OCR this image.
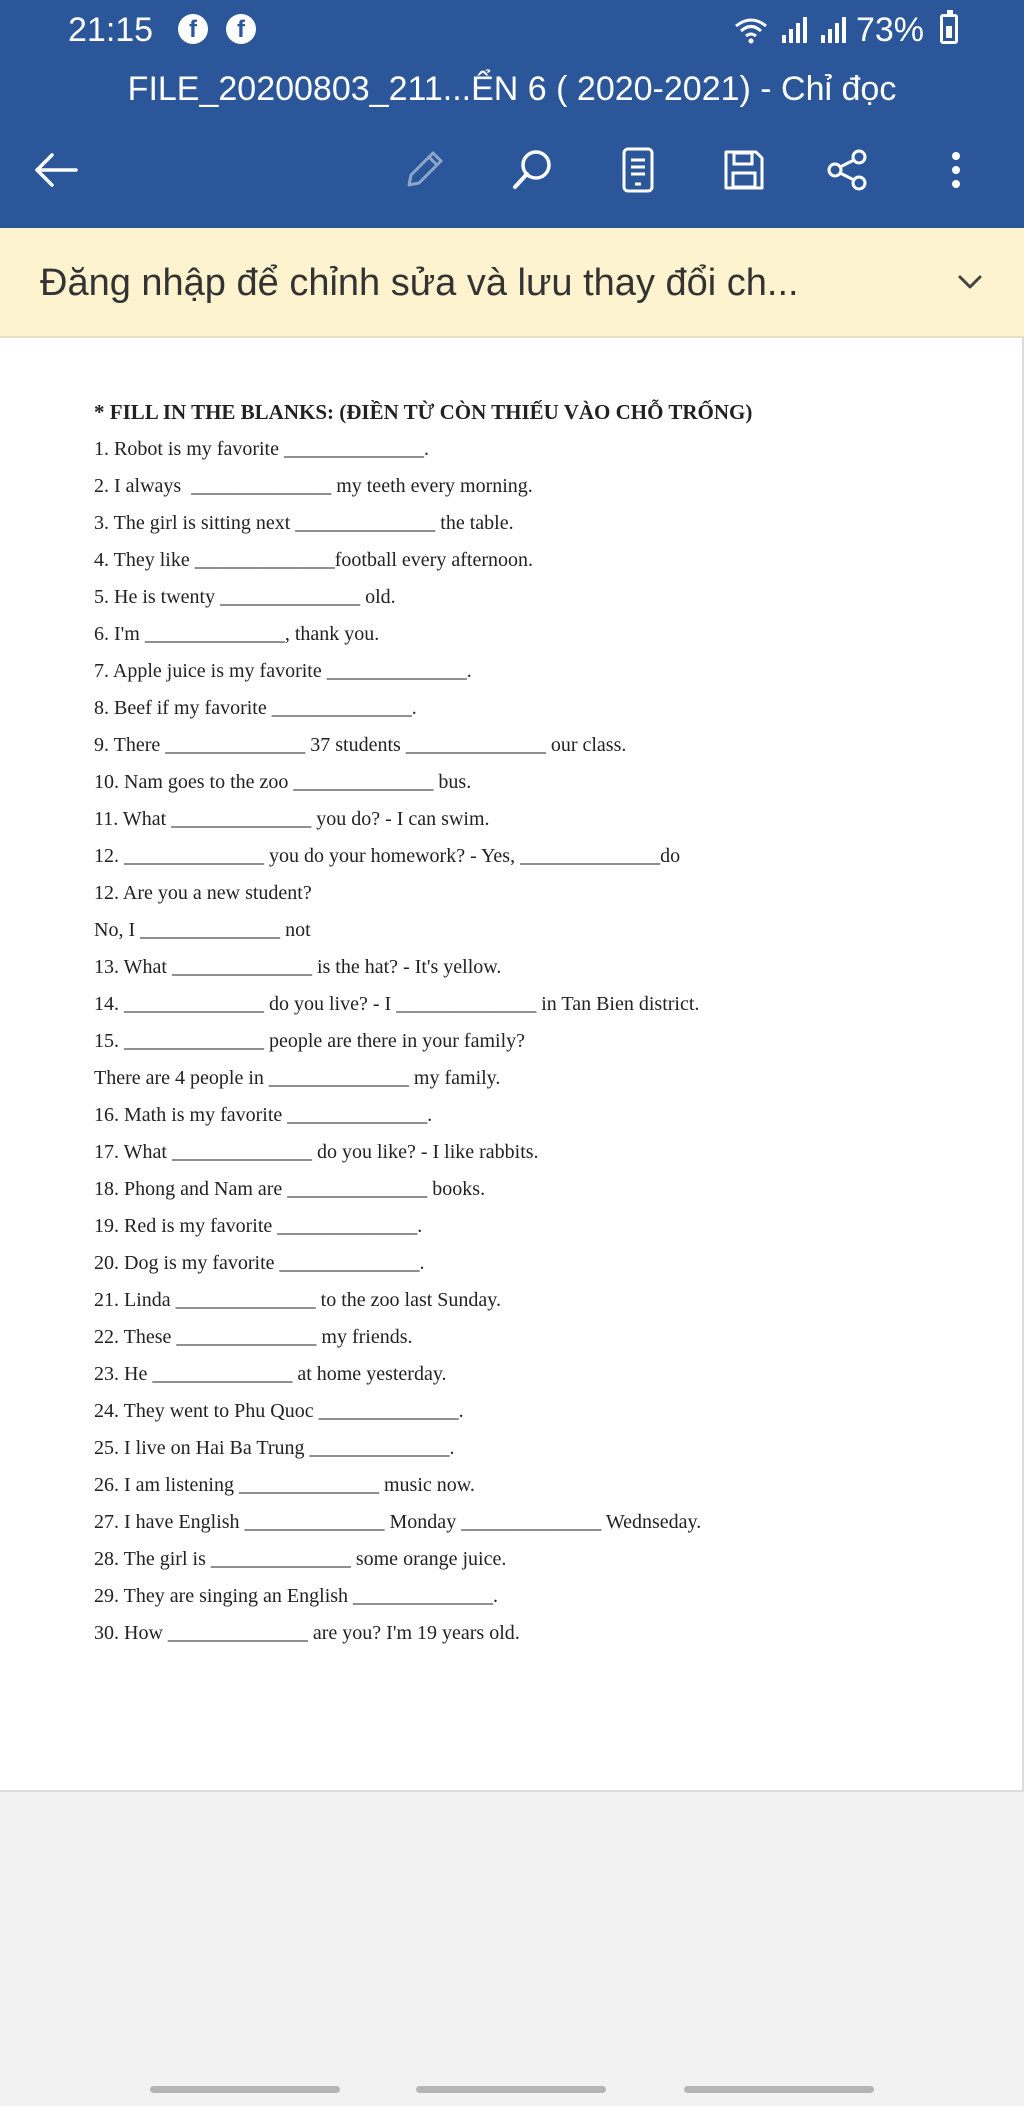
21:15	f	f	73%
FILE_20200803_211...ỂN 6 ( 2020-2021) - Chỉ đọc
Đăng nhập để chỉnh sửa và lưu thay đổi ch...
* FILL IN THE BLANKS: (ĐIỀN TỪ CÒN THIẾU VÀO CHỖ TRỐNG)
1. Robot is my favorite ______________.
2. I always  ______________ my teeth every morning.
3. The girl is sitting next ______________ the table.
4. They like ______________football every afternoon.
5. He is twenty ______________ old.
6. I'm ______________, thank you.
7. Apple juice is my favorite ______________.
8. Beef if my favorite ______________.
9. There ______________ 37 students ______________ our class.
10. Nam goes to the zoo ______________ bus.
11. What ______________ you do? - I can swim.
12. ______________ you do your homework? - Yes, ______________do
12. Are you a new student?
No, I ______________ not
13. What ______________ is the hat? - It's yellow.
14. ______________ do you live? - I ______________ in Tan Bien district.
15. ______________ people are there in your family?
There are 4 people in ______________ my family.
16. Math is my favorite ______________.
17. What ______________ do you like? - I like rabbits.
18. Phong and Nam are ______________ books.
19. Red is my favorite ______________.
20. Dog is my favorite ______________.
21. Linda ______________ to the zoo last Sunday.
22. These ______________ my friends.
23. He ______________ at home yesterday.
24. They went to Phu Quoc ______________.
25. I live on Hai Ba Trung ______________.
26. I am listening ______________ music now.
27. I have English ______________ Monday ______________ Wednseday.
28. The girl is ______________ some orange juice.
29. They are singing an English ______________.
30. How ______________ are you? I'm 19 years old.
